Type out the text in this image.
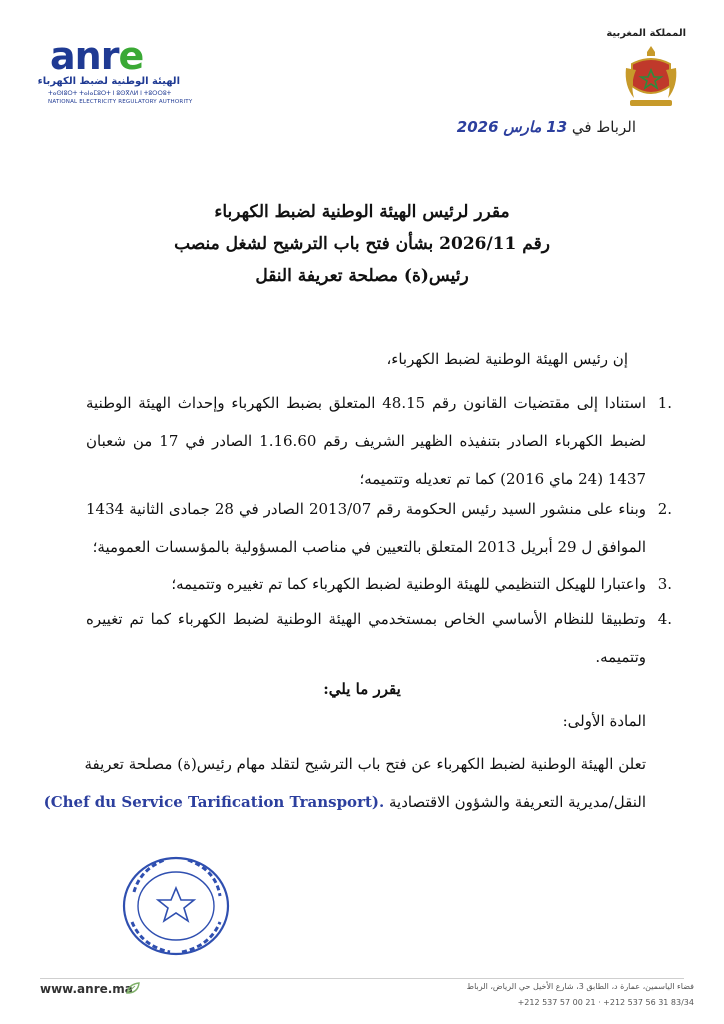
anre
الهيئة الوطنية لضبط الكهرباء
ⵜⴰⵙⵏⵓⵔⵜ ⵜⴰⵏⴰⵎⵓⵔⵜ ⵏ ⵓⵙⴳⴷⵍ ⵏ ⵜⵓⵔⵔⵓⵜ
NATIONAL ELECTRICITY REGULATORY AUTHORITY
المملكة المغربية
الرباط في 13 مارس 2026
مقرر لرئيس الهيئة الوطنية لضبط الكهرباء
رقم 2026/11 بشأن فتح باب الترشيح لشغل منصب
رئيس(ة) مصلحة تعريفة النقل
إن رئيس الهيئة الوطنية لضبط الكهرباء،
1.
استنادا إلى مقتضيات القانون رقم 48.15 المتعلق بضبط الكهرباء وإحداث الهيئة الوطنية
لضبط الكهرباء الصادر بتنفيذه الظهير الشريف رقم 1.16.60 الصادر في 17 من شعبان
1437 (24 ماي 2016) كما تم تعديله وتتميمه؛
2.
وبناء على منشور السيد رئيس الحكومة رقم 2013/07 الصادر في 28 جمادى الثانية 1434
الموافق ل 29 أبريل 2013 المتعلق بالتعيين في مناصب المسؤولية بالمؤسسات العمومية؛
3.
واعتبارا للهيكل التنظيمي للهيئة الوطنية لضبط الكهرباء كما تم تغييره وتتميمه؛
4.
وتطبيقا للنظام الأساسي الخاص بمستخدمي الهيئة الوطنية لضبط الكهرباء كما تم تغييره
وتتميمه.
يقرر ما يلي:
المادة الأولى:
تعلن الهيئة الوطنية لضبط الكهرباء عن فتح باب الترشيح لتقلد مهام رئيس(ة) مصلحة تعريفة
النقل/مديرية التعريفة والشؤون الاقتصادية (Chef du Service Tarification Transport).
www.anre.ma	فضاء الياسمين، عمارة د، الطابق 3، شارع الأخيل حي الرياض، الرباط
+212 537 57 00 21 · +212 537 56 31 83/34
